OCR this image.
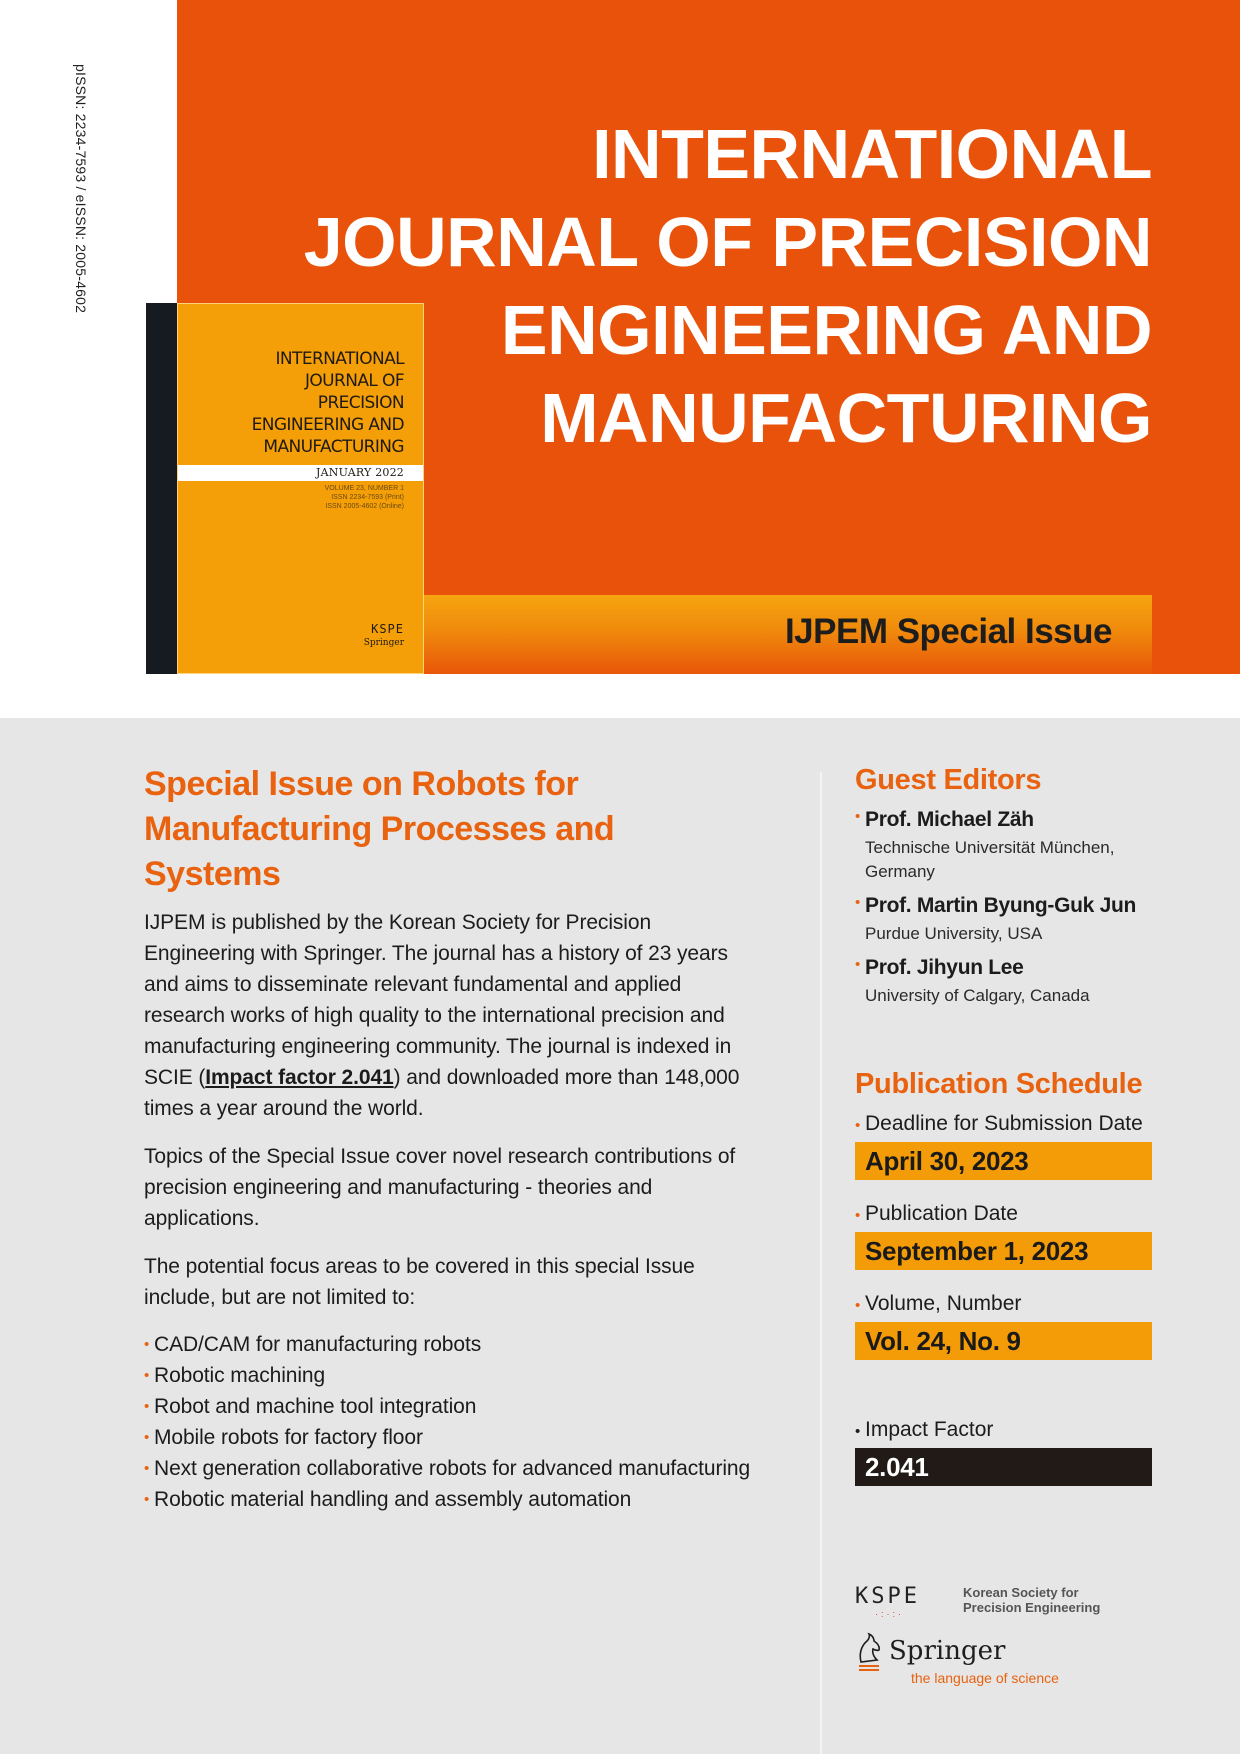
pISSN: 2234-7593 / eISSN: 2005-4602	INTERNATIONAL
JOURNAL OF PRECISION
ENGINEERING AND
MANUFACTURING
IJPEM Special Issue
INTERNATIONAL
JOURNAL OF
PRECISION
ENGINEERING AND
MANUFACTURING
JANUARY 2022
VOLUME 23, NUMBER 1
ISSN 2234-7593 (Print)
ISSN 2005-4602 (Online)
KSPE
Springer
Special Issue on Robots for Manufacturing Processes and Systems

IJPEM is published by the Korean Society for Precision Engineering with Springer. The journal has a history of 23 years and aims to disseminate relevant fundamental and applied research works of high quality to the international precision and manufacturing engineering community. The journal is indexed in SCIE (Impact factor 2.041) and downloaded more than 148,000 times a year around the world.

Topics of the Special Issue cover novel research contributions of precision engineering and manufacturing - theories and applications.

The potential focus areas to be covered in this special Issue include, but are not limited to:

• CAD/CAM for manufacturing robots
• Robotic machining
• Robot and machine tool integration
• Mobile robots for factory floor
• Next generation collaborative robots for advanced manufacturing
• Robotic material handling and assembly automation
Guest Editors
• Prof. Michael Zäh
Technische Universität München, Germany
• Prof. Martin Byung-Guk Jun
Purdue University, USA
• Prof. Jihyun Lee
University of Calgary, Canada
Publication Schedule
• Deadline for Submission Date
April 30, 2023
• Publication Date
September 1, 2023
• Volume, Number
Vol. 24, No. 9
• Impact Factor
2.041
KSPE
·:·:·
Korean Society for
Precision Engineering
Springer
the language of science
